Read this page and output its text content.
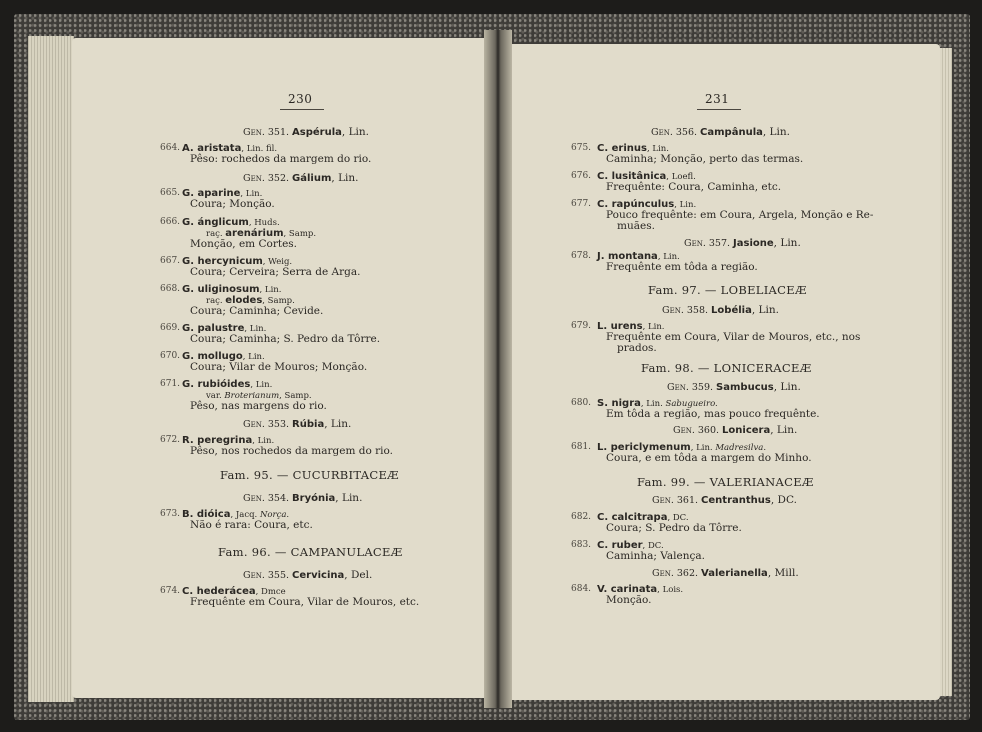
230	231
Gen. 351. Aspérula, Lin.
664. A. aristata, Lin. fil.
Pêso: rochedos da margem do rio.
Gen. 352. Gálium, Lin.
665. G. aparine, Lin.
Coura; Monção.
666. G. ánglicum, Huds.
raç. arenárium, Samp.
Monção, em Cortes.
667. G. hercynicum, Weig.
Coura; Cerveira; Serra de Arga.
668. G. uliginosum, Lin.
raç. elodes, Samp.
Coura; Caminha; Cevide.
669. G. palustre, Lin.
Coura; Caminha; S. Pedro da Tôrre.
670. G. mollugo, Lin.
Coura; Vilar de Mouros; Monção.
671. G. rubióides, Lin.
var. Broterianum, Samp.
Pêso, nas margens do rio.
Gen. 353. Rúbia, Lin.
672. R. peregrina, Lin.
Pêso, nos rochedos da margem do rio.
Fam. 95. — CUCURBITACEÆ
Gen. 354. Bryónia, Lin.
673. B. dióica, Jacq. Norça.
Não é rara: Coura, etc.
Fam. 96. — CAMPANULACEÆ
Gen. 355. Cervicina, Del.
674. C. hederácea, Dmce
Frequênte em Coura, Vilar de Mouros, etc.
Gen. 356. Campânula, Lin.
675. C. erinus, Lin.
Caminha; Monção, perto das termas.
676. C. lusitânica, Loefl.
Frequênte: Coura, Caminha, etc.
677. C. rapúnculus, Lin.
Pouco frequênte: em Coura, Argela, Monção e Re-
muães.
Gen. 357. Jasione, Lin.
678. J. montana, Lin.
Frequênte em tôda a região.
Fam. 97. — LOBELIACEÆ
Gen. 358. Lobélia, Lin.
679. L. urens, Lin.
Frequênte em Coura, Vilar de Mouros, etc., nos
prados.
Fam. 98. — LONICERACEÆ
Gen. 359. Sambucus, Lin.
680. S. nigra, Lin. Sabugueiro.
Em tôda a região, mas pouco frequênte.
Gen. 360. Lonicera, Lin.
681. L. periclymenum, Lin. Madresilva.
Coura, e em tôda a margem do Minho.
Fam. 99. — VALERIANACEÆ
Gen. 361. Centranthus, DC.
682. C. calcitrapa, DC.
Coura; S. Pedro da Tôrre.
683. C. ruber, DC.
Caminha; Valença.
Gen. 362. Valerianella, Mill.
684. V. carinata, Lois.
Monção.
